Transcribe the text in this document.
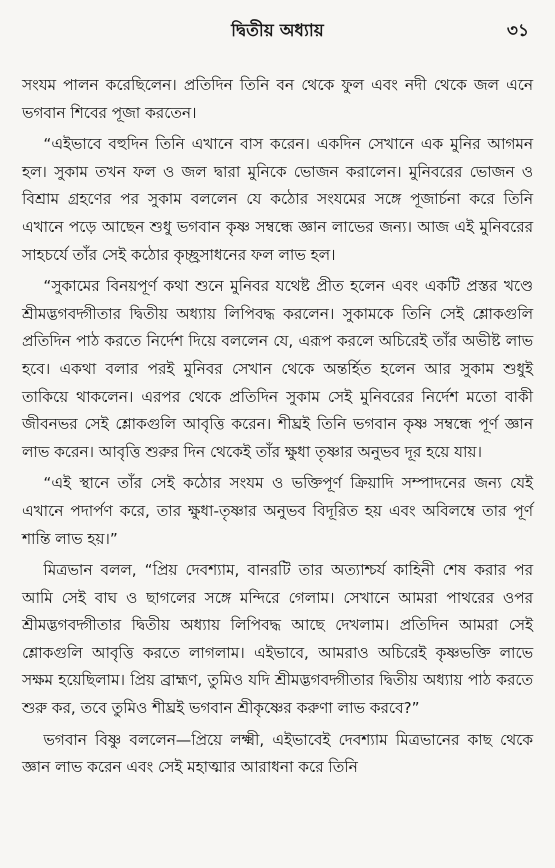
দ্বিতীয় অধ্যায়	৩১

সংযম পালন করেছিলেন। প্রতিদিন তিনি বন থেকে ফুল এবং নদী থেকে জল এনে ভগবান শিবের পূজা করতেন।

“এইভাবে বহুদিন তিনি এখানে বাস করেন। একদিন সেখানে এক মুনির আগমন হল। সুকাম তখন ফল ও জল দ্বারা মুনিকে ভোজন করালেন। মুনিবরের ভোজন ও বিশ্রাম গ্রহণের পর সুকাম বললেন যে কঠোর সংযমের সঙ্গে পূজার্চনা করে তিনি এখানে পড়ে আছেন শুধু ভগবান কৃষ্ণ সম্বন্ধে জ্ঞান লাভের জন্য। আজ এই মুনিবরের সাহচর্যে তাঁর সেই কঠোর কৃচ্ছ্রসাধনের ফল লাভ হল।

“সুকামের বিনয়পূর্ণ কথা শুনে মুনিবর যথেষ্ট প্রীত হলেন এবং একটি প্রস্তর খণ্ডে শ্রীমদ্ভগবদ্গীতার দ্বিতীয় অধ্যায় লিপিবদ্ধ করলেন। সুকামকে তিনি সেই শ্লোকগুলি প্রতিদিন পাঠ করতে নির্দেশ দিয়ে বললেন যে, এরূপ করলে অচিরেই তাঁর অভীষ্ট লাভ হবে। একথা বলার পরই মুনিবর সেখান থেকে অন্তর্হিত হলেন আর সুকাম শুধুই তাকিয়ে থাকলেন। এরপর থেকে প্রতিদিন সুকাম সেই মুনিবরের নির্দেশ মতো বাকী জীবনভর সেই শ্লোকগুলি আবৃত্তি করেন। শীঘ্রই তিনি ভগবান কৃষ্ণ সম্বন্ধে পূর্ণ জ্ঞান লাভ করেন। আবৃত্তি শুরুর দিন থেকেই তাঁর ক্ষুধা তৃষ্ণার অনুভব দূর হয়ে যায়।

“এই স্থানে তাঁর সেই কঠোর সংযম ও ভক্তিপূর্ণ ক্রিয়াদি সম্পাদনের জন্য যেই এখানে পদার্পণ করে, তার ক্ষুধা-তৃষ্ণার অনুভব বিদূরিত হয় এবং অবিলম্বে তার পূর্ণ শান্তি লাভ হয়।”

মিত্রভান বলল, “প্রিয় দেবশ্যাম, বানরটি তার অত্যাশ্চর্য কাহিনী শেষ করার পর আমি সেই বাঘ ও ছাগলের সঙ্গে মন্দিরে গেলাম। সেখানে আমরা পাথরের ওপর শ্রীমদ্ভগবদ্গীতার দ্বিতীয় অধ্যায় লিপিবদ্ধ আছে দেখলাম। প্রতিদিন আমরা সেই শ্লোকগুলি আবৃত্তি করতে লাগলাম। এইভাবে, আমরাও অচিরেই কৃষ্ণভক্তি লাভে সক্ষম হয়েছিলাম। প্রিয় ব্রাহ্মণ, তুমিও যদি শ্রীমদ্ভগবদ্গীতার দ্বিতীয় অধ্যায় পাঠ করতে শুরু কর, তবে তুমিও শীঘ্রই ভগবান শ্রীকৃষ্ণের করুণা লাভ করবে?”

ভগবান বিষ্ণু বললেন—প্রিয়ে লক্ষ্মী, এইভাবেই দেবশ্যাম মিত্রভানের কাছ থেকে জ্ঞান লাভ করেন এবং সেই মহাত্মার আরাধনা করে তিনি
